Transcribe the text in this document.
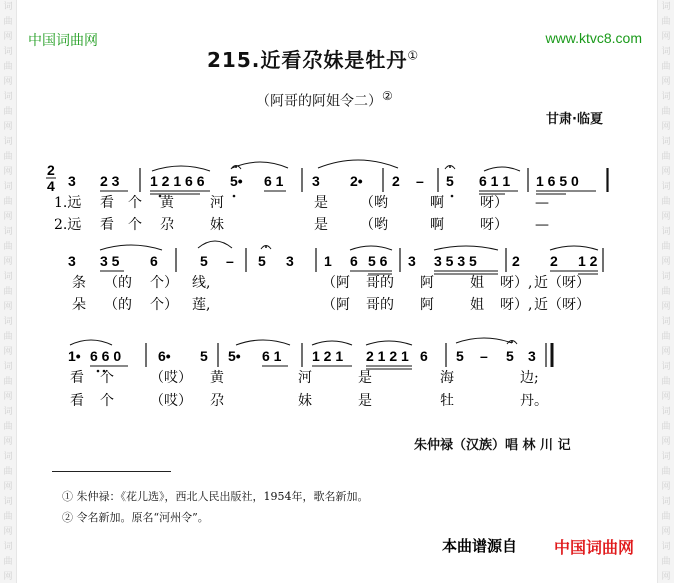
词
曲
网
词
曲
网
词
曲
网
词
曲
网
词
曲
网
词
曲
网
词
曲
网
词
曲
网
词
曲
网
词
曲
网
词
曲
网
词
曲
网
词
曲
网
词
曲
网
词
曲
网
词
曲
网
词
曲
网
词
曲
网
词
曲
网
词
曲
网
词
曲
网
词
曲
网
词
曲
网
词
曲
网
词
曲
网
词
曲
网
中国词曲网	www.ktvc8.com
215.近看尕妹是牡丹①
（阿哥的阿姐令二）②
甘肃·临夏
2
4 3 2 3 1 2 1 6 6 5• 6 1 3 2• 2 – 5 6 1 1 1 6 5 0
1.远 看 个 黄	河	是 （哟	啊	呀） —
2.远 看 个 尕	妹	是 （哟	啊	呀） —
3 3 5 6	5 – 5 3 1 6 5 6 3 3 5 3 5	2 2 1 2
条 （的 个） 线,	（阿 哥的 阿	姐 呀）, 近（呀）
朵 （的 个） 莲,	（阿 哥的 阿	姐 呀）, 近（呀）
1• 6 6 0	6• 5 5• 6 1 1 2 1 2 1 2 1 6 5 – 5 3
看 个	（哎） 黄	河	是	海	边;
看 个	（哎） 尕	妹	是	牡	丹。
朱仲禄（汉族）唱 林 川 记
① 朱仲禄：《花儿选》，西北人民出版社，1954年，歌名新加。
② 令名新加。原名“河州令”。
本曲谱源自 中国词曲网
